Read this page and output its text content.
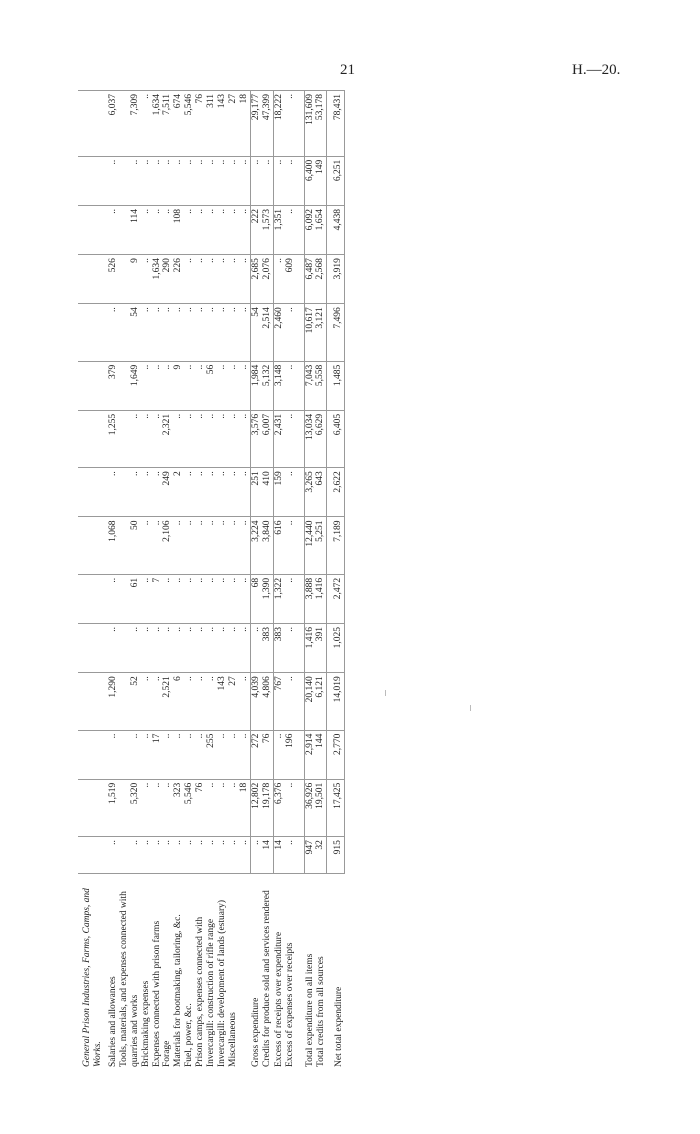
21	H.—20.
General Prison Industries, Farms, Camps, and Works.															
Salaries and allowances	..	1,519	..	1,290	..	..	1,068	..	1,255	379	..	526	..	..	6,037
Tools, materials, and expenses connected with quarries and works	..	5,320	..	52	..	61	50	..	..	1,649	54	9	114	..	7,309
Brickmaking expenses	..	..	..	..	..	..	..	..	..	..	..	..	..	..	..
Expenses connected with prison farms	..	..	17	..	..	7	..	..	..	..	..	1,634	..	..	1,634
Forage	..	..	..	2,521	..	..	2,106	249	2,321	..	..	290	..	..	7,511
Materials for bootmaking, tailoring, &c.	..	323	..	6	..	..	..	2	..	9	..	226	108	..	674
Fuel, power, &c.	..	5,546	..	..	..	..	..	..	..	..	..	..	..	..	5,546
Prison camps, expenses connected with	..	76	..	..	..	..	..	..	..	..	..	..	..	..	76
Invercargill: construction of rifle range	..	..	255	..	..	..	..	..	..	56	..	..	..	..	311
Invercargill: development of lands (estuary)	..	..	..	143	..	..	..	..	..	..	..	..	..	..	143
Miscellaneous	..	..	..	27	..	..	..	..	..	..	..	..	..	..	27
	..	18	..	..	..	..	..	..	..	..	..	..	..	..	18
Gross expenditure	..	12,802	272	4,039	..	68	3,224	251	3,576	1,984	54	2,685	222	..	29,177
Credits for produce sold and services rendered	14	19,178	76	4,806	383	1,390	3,840	410	6,007	5,132	2,514	2,076	1,573	..	47,399
Excess of receipts over expenditure	14	6,376	..	767	383	1,322	616	159	2,431	3,148	2,460	..	1,351	..	18,222
Excess of expenses over receipts	..	..	196	..	..	..	..	..	..	..	..	609	..	..	..

Total expenditure on all items	947	36,926	2,914	20,140	1,416	3,888	12,440	3,265	13,034	7,043	10,617	6,487	6,092	6,400	131,609
Total credits from all sources	32	19,501	144	6,121	391	1,416	5,251	643	6,629	5,558	3,121	2,568	1,654	149	53,178
Net total expenditure	915	17,425	2,770	14,019	1,025	2,472	7,189	2,622	6,405	1,485	7,496	3,919	4,438	6,251	78,431
